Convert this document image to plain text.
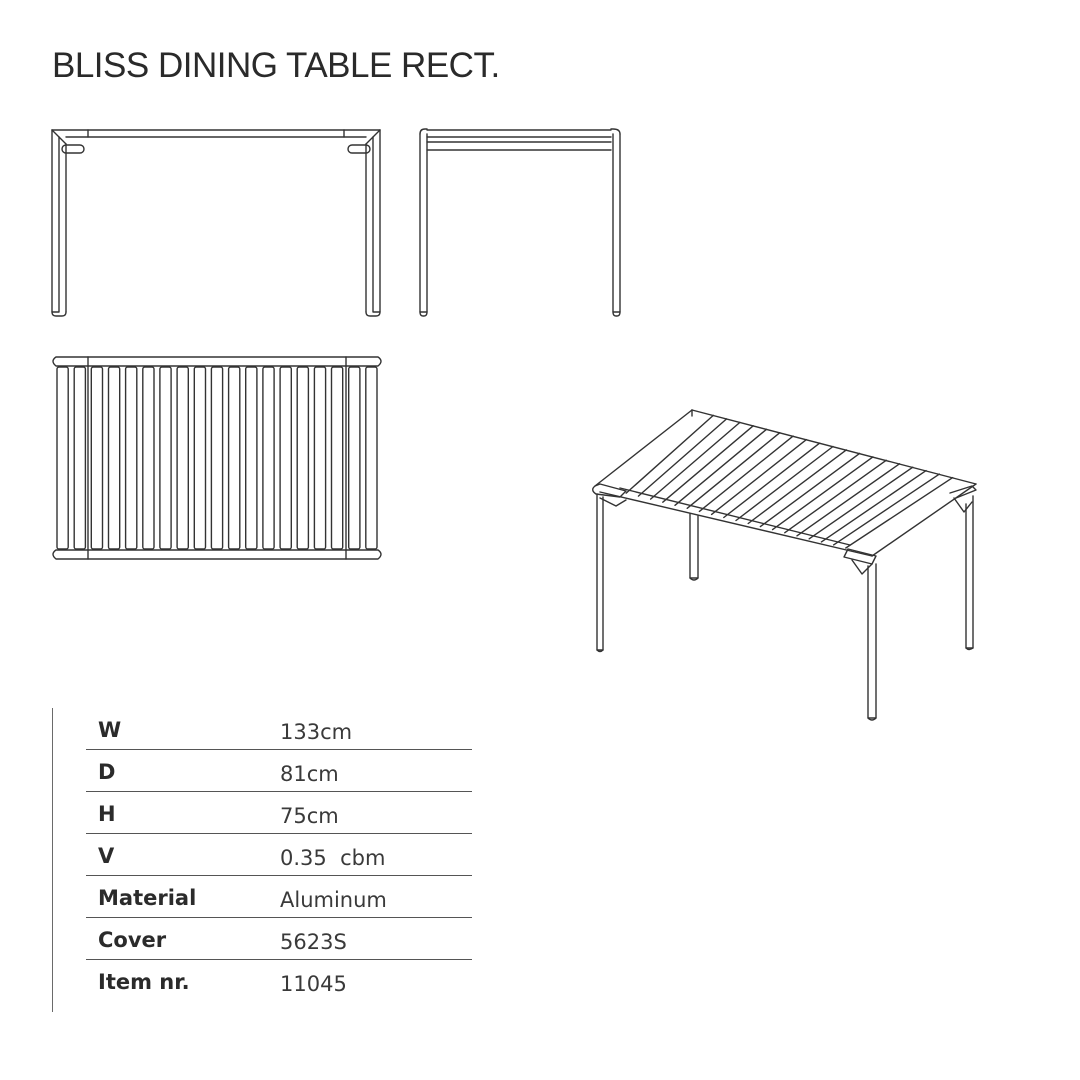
BLISS DINING TABLE RECT.
W	133cm
D	81cm
H	75cm
V	0.35  cbm
Material	Aluminum
Cover	5623S
Item nr.	11045
